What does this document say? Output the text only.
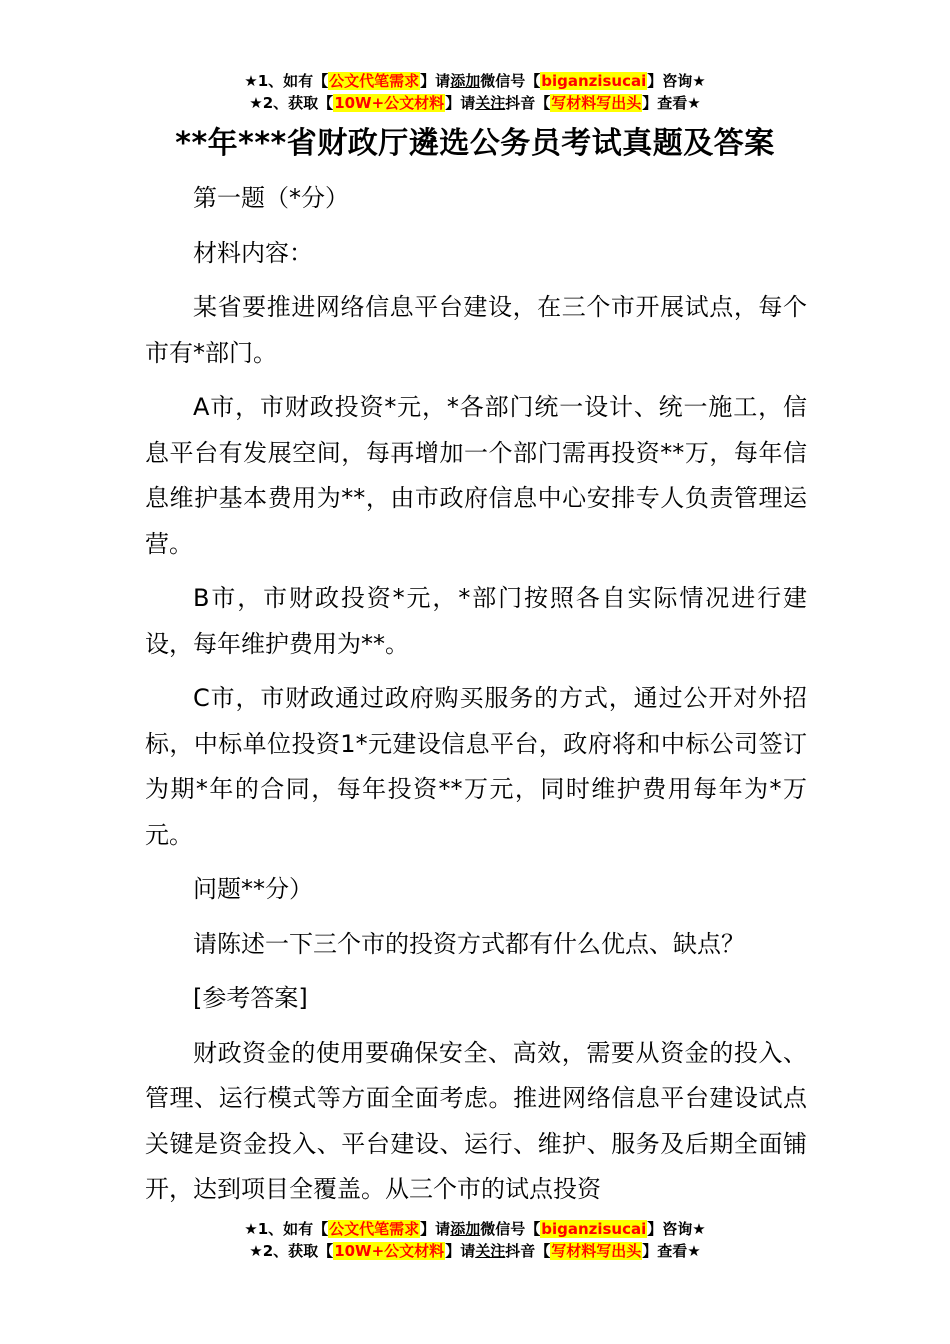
★1、如有【公文代笔需求】请添加微信号【biganzisucai】咨询★
★2、获取【10W+公文材料】请关注抖音【写材料写出头】查看★
**年***省财政厅遴选公务员考试真题及答案

第一题（*分）

材料内容：

某省要推进网络信息平台建设，在三个市开展试点，每个市有*部门。

A市，市财政投资*元，*各部门统一设计、统一施工，信息平台有发展空间，每再增加一个部门需再投资**万，每年信息维护基本费用为**，由市政府信息中心安排专人负责管理运营。

B市，市财政投资*元，*部门按照各自实际情况进行建设，每年维护费用为**。

C市，市财政通过政府购买服务的方式，通过公开对外招标，中标单位投资1*元建设信息平台，政府将和中标公司签订为期*年的合同，每年投资**万元，同时维护费用每年为*万元。

问题**分）

请陈述一下三个市的投资方式都有什么优点、缺点？

[参考答案]

财政资金的使用要确保安全、高效，需要从资金的投入、管理、运行模式等方面全面考虑。推进网络信息平台建设试点关键是资金投入、平台建设、运行、维护、服务及后期全面铺开，达到项目全覆盖。从三个市的试点投资

★1、如有【公文代笔需求】请添加微信号【biganzisucai】咨询★
★2、获取【10W+公文材料】请关注抖音【写材料写出头】查看★
